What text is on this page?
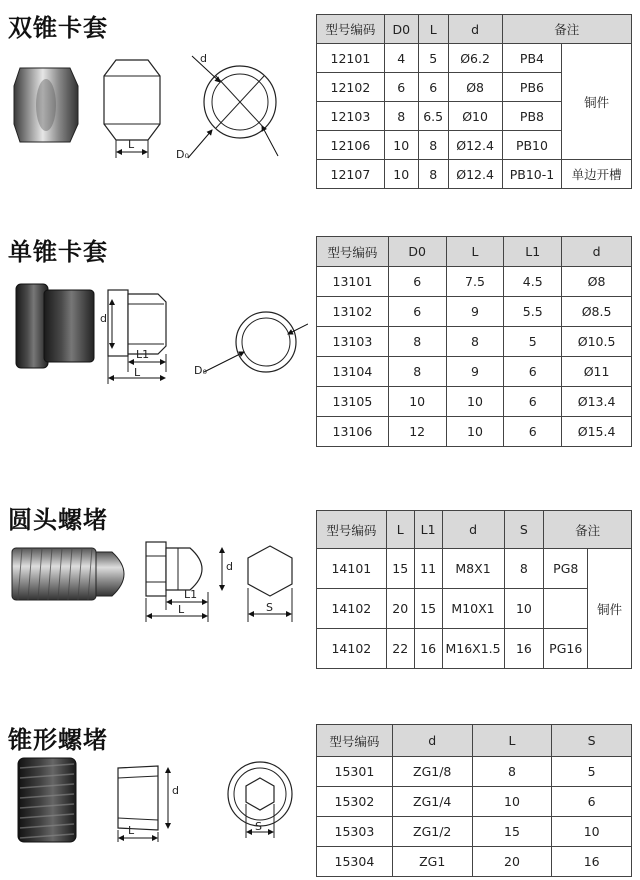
双锥卡套
L
d
D₀
型号编码	D0	L	d	备注	
12101	4	5	Ø6.2	PB4	铜件
12102	6	6	Ø8	PB6	
12103	8	6.5	Ø10	PB8	
12106	10	8	Ø12.4	PB10	
12107	10	8	Ø12.4	PB10-1	单边开槽
单锥卡套
d
L1
L	D₀
型号编码	D0	L	L1	d
13101	6	7.5	4.5	Ø8
13102	6	9	5.5	Ø8.5
13103	8	8	5	Ø10.5
13104	8	9	6	Ø11
13105	10	10	6	Ø13.4
13106	12	10	6	Ø15.4
圆头螺堵
d
L1
L	S
型号编码	L	L1	d	S	备注	
14101	15	11	M8X1	8	PG8	铜件
14102	20	15	M10X1	10		
14102	22	16	M16X1.5	16	PG16	
锥形螺堵
d
L	S
型号编码	d	L	S
15301	ZG1/8	8	5
15302	ZG1/4	10	6
15303	ZG1/2	15	10
15304	ZG1	20	16
